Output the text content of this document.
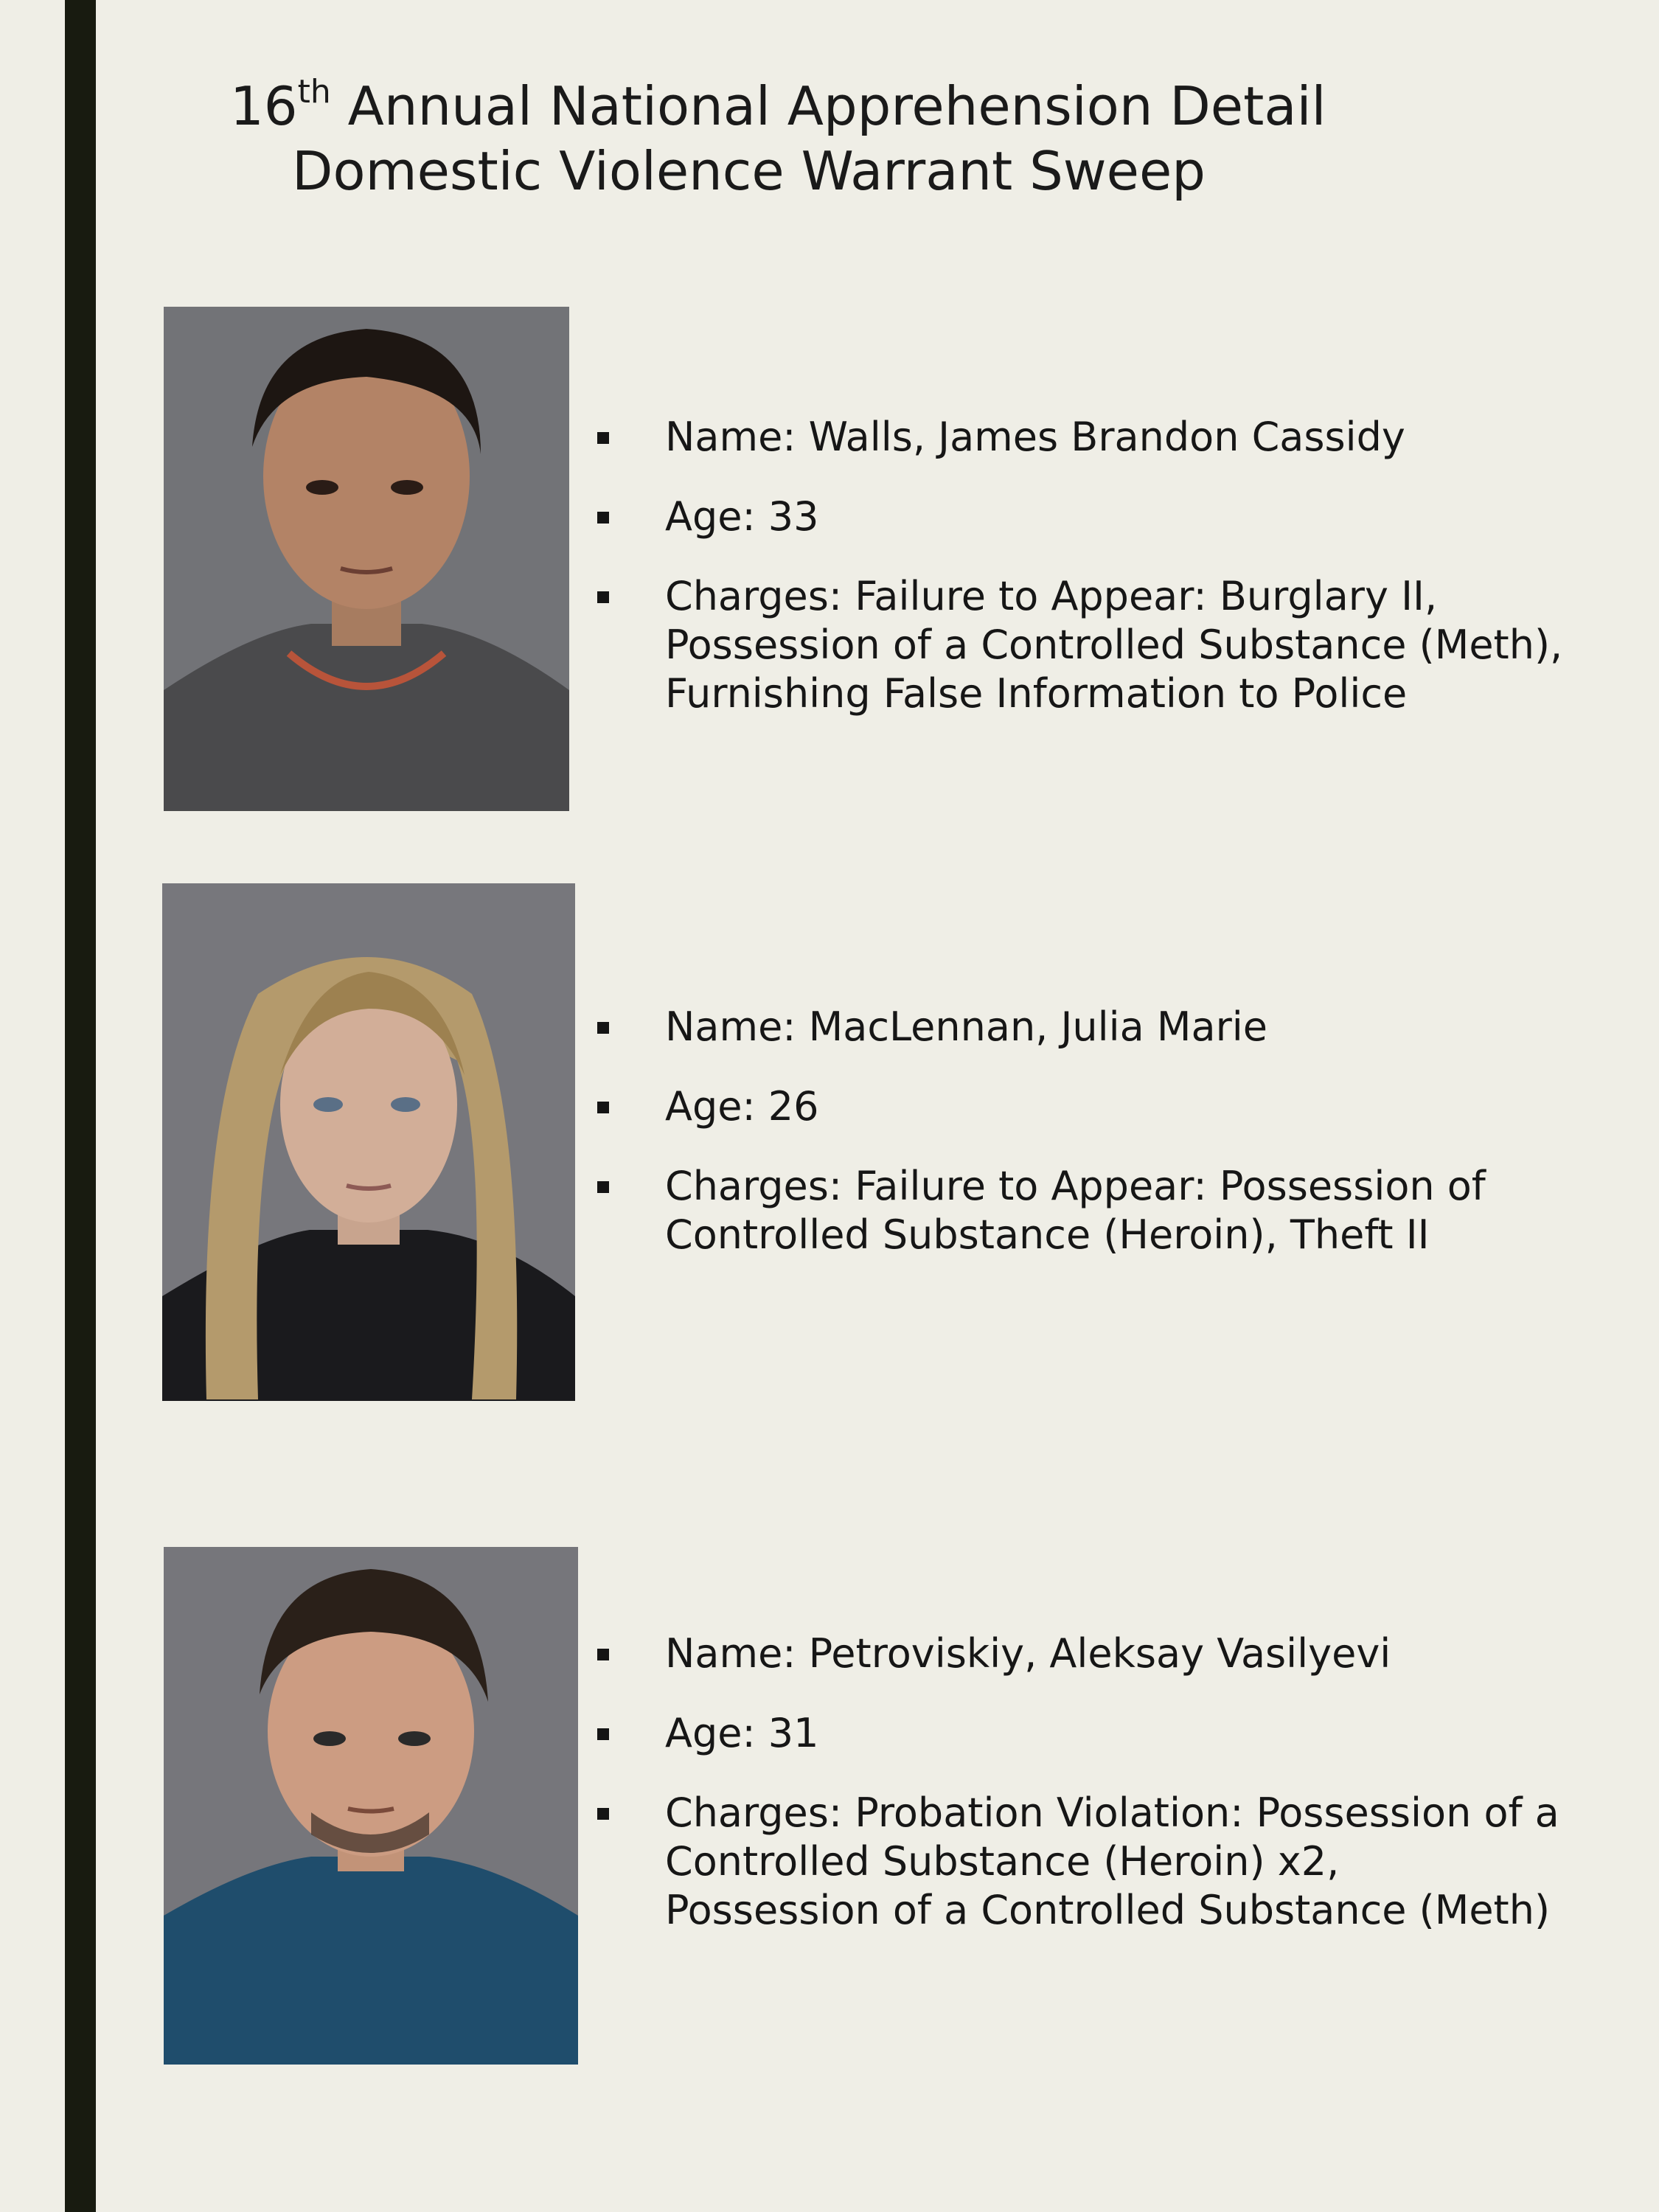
16th Annual National Apprehension Detail
Domestic Violence Warrant Sweep
Name: Walls, James Brandon Cassidy
Age: 33
Charges: Failure to Appear: Burglary II, Possession of a Controlled Substance (Meth), Furnishing False Information to Police
Name: MacLennan, Julia Marie
Age: 26
Charges: Failure to Appear: Possession of Controlled Substance (Heroin), Theft II
Name: Petroviskiy, Aleksay Vasilyevi
Age: 31
Charges: Probation Violation: Possession of a Controlled Substance (Heroin) x2, Possession of a Controlled Substance (Meth)
